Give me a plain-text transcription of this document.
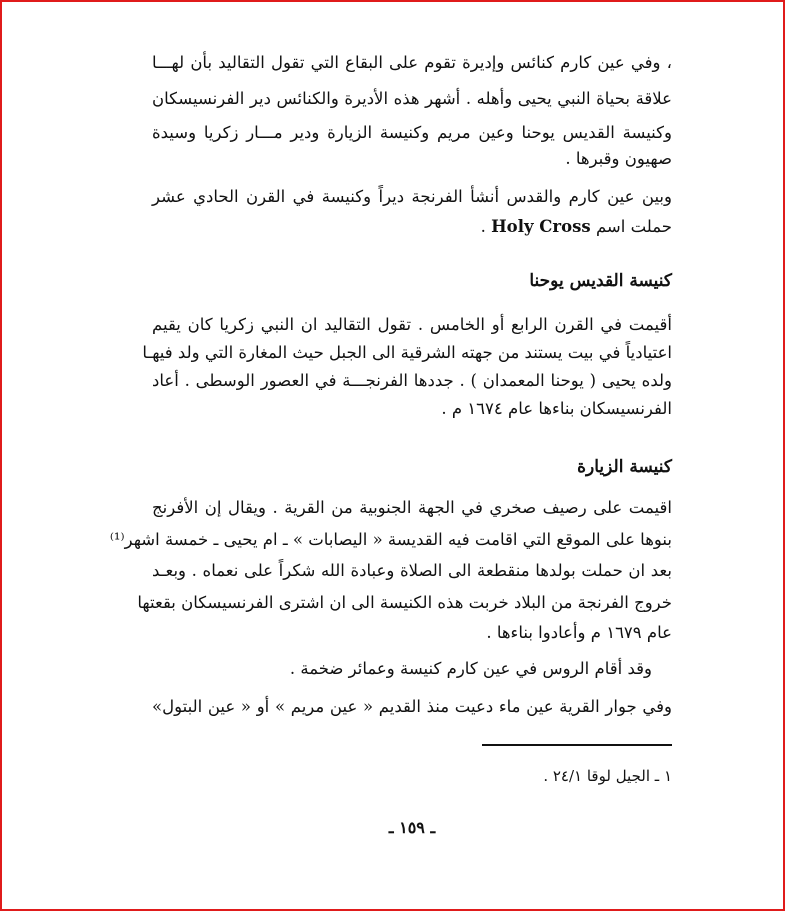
، وفي عين كارم كنائس وإديرة تقوم على البقاع التي تقول التقاليد بأن لهـــا
علاقة بحياة النبي يحيى وأهله . أشهر هذه الأديرة والكنائس دير الفرنسيسكان
وكنيسة القديس يوحنا وعين مريم وكنيسة الزيارة ودير مـــار زكريا وسيدة
صهيون وقبرها .
وبين عين كارم والقدس أنشأ الفرنجة ديراً وكنيسة في القرن الحادي عشر
حملت اسم Holy Cross .
كنيسة القديس يوحنا
أقيمت في القرن الرابع أو الخامس . تقول التقاليد ان النبي زكريا كان يقيم
اعتيادياً في بيت يستند من جهته الشرقية الى الجبل حيث المغارة التي ولد فيهـا
ولده يحيى ( يوحنا المعمدان ) . جددها الفرنجـــة في العصور الوسطى . أعاد
الفرنسيسكان بناءها عام ١٦٧٤ م .
كنيسة الزيارة
اقيمت على رصيف صخري في الجهة الجنوبية من القرية . ويقال إن الأفرنج
بنوها على الموقع التي اقامت فيه القديسة « اليصابات » ـ ام يحيى ـ خمسة اشهر⁽¹⁾
بعد ان حملت بولدها منقطعة الى الصلاة وعبادة الله شكراً على نعماه . وبعـد
خروج الفرنجة من البلاد خربت هذه الكنيسة الى ان اشترى الفرنسيسكان بقعتها
عام ١٦٧٩ م وأعادوا بناءها .
وقد أقام الروس في عين كارم كنيسة وعمائر ضخمة .
وفي جوار القرية عين ماء دعيت منذ القديم « عين مريم » أو « عين البتول»
١ ـ الجيل لوقا ٢٤/١ .
ـ ١٥٩ ـ
